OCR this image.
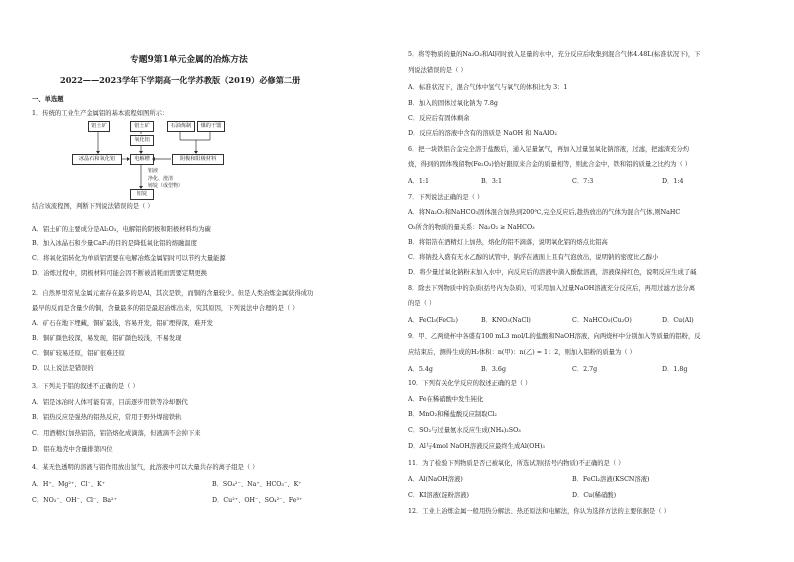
专题9第1单元金属的冶炼方法
2022——2023学年下学期高一化学苏教版（2019）必修第二册
一、单选题
1．传统的工业生产金属铝的基本流程如图所示：
铝土矿	铝土矿
氧化铝
石油炼制	煤的干馏
冰晶石和氧化铝	电解槽	阴极和阳极材料
铝液
净化、澄清
铸锭（成型物）
铝锭
结合该流程图，判断下列说法错误的是（ ）
A．铝土矿的主要成分是Al₂O₃，电解铝的阴极和阳极材料均为碳
B．加入冰晶石和少量CaF₂的目的是降低氧化铝的熔融温度
C．将氧化铝转化为单质铝需要在电解冶炼金属铝时可以节约大量能源
D．冶炼过程中，阴极材料可能会因不断被消耗而需要定期更换
2．自然界里常见金属元素存在最多的是Al，其次是铁，而铜的含量较少。但是人类冶炼金属获得成功
最早的反而是含量少的铜，含量最多的铝是最迟冶炼出来，究其原因，下列说法中合理的是（ ）
A．矿石在地下埋藏，铜矿最浅，容易开发，铝矿埋得深，难开发
B．铜矿颜色较深，易发现，铝矿颜色较浅，不易发现
C．铜矿较易还原，铝矿很难还原
D．以上说法是错误的
3．下列关于铝的叙述不正确的是（ ）
A．铝是冰冶时人体可能有害，目前逐步用铁等冷却器代
B．铝热反应是强热的铝热反应，常用于野外焊接铁轨
C．用酒精灯加热铝箔，铝箔熔化成滴落，但液滴不会掉下来
D．铝在地壳中含量排第四位
4．某无色透明的溶液与铝作用放出氢气，此溶液中可以大量共存的离子组是（ ）
A．H⁺、Mg²⁺、Cl⁻、K⁺	B．SO₄²⁻、Na⁺、HCO₃⁻、K⁺
C．NO₃⁻、OH⁻、Cl⁻、Ba²⁺	D．Cu²⁺、OH⁻、SO₄²⁻、Fe³⁺
5．将等物质的量的Na₂O₂和Al同时放入足量的水中，充分反应后收集到混合气体4.48L(标准状况下)，下
列说法错误的是（ ）
A．标准状况下，混合气体中氢气与氧气的体积比为 3：1
B．加入的固体过氧化钠为 7.8g
C．反应后有固体剩余
D．反应后的溶液中含有的溶质是 NaOH 和 NaAlO₂
6．把一块铁铝合金完全溶于盐酸后，通入足量氯气，再加入过量氢氧化钠溶液，过滤，把滤渣充分灼
烧，得到的固体残留物(Fe₂O₃)恰好跟原来合金的质量相等，则此合金中，铁和铝的质量之比约为（ ）
A．1:1	B．3:1	C．7:3	D．1:4
7．下列说法正确的是（ ）
A．将Na₂O₂和NaHCO₃固体混合加热到200℃,完全反应后,趁热放出的气体为混合气体,则NaHC
O₃所含的物质的量关系：Na₂O₂ ≥ NaHCO₃
B．将铝箔在酒精灯上加热，熔化的铝不滴落，说明氧化铝的熔点比铝高
C．将钠投入盛有无水乙醇的试管中，钠浮在液面上且有气泡放出，说明钠的密度比乙醇小
D．将少量过氧化钠粉末加入水中，向反应后的溶液中滴入酚酞溶液，溶液保持红色，说明反应生成了碱
8．除去下列物质中的杂质(括号内为杂质)，可采用加入过量NaOH溶液充分反应后，再用过滤方法分离
的是（ ）
A．FeCl₃(FeCl₂)	B．KNO₃(NaCl)	C．NaHCO₃(Cu₂O)	D．Cu(Al)
9．甲、乙两烧杯中各盛有100 mL3 mol/L的盐酸和NaOH溶液，向两烧杯中分别加入等质量的铝粉，反
应结束后，测得生成的H₂体积：n(甲)：n(乙) = 1：2，则加入铝粉的质量为（ ）
A．5.4g	B．3.6g	C．2.7g	D．1.8g
10．下列有关化学反应的叙述正确的是（ ）
A．Fe在稀硝酸中发生钝化
B．MnO₂和稀盐酸反应制取Cl₂
C．SO₂与过量氨水反应生成(NH₄)₂SO₃
D．Al与4mol NaOH溶液反应最终生成Al(OH)₃
11．为了检验下列物质是否已被氧化，所选试剂(括号内物质)不正确的是（ ）
A．Al(NaOH溶液)	B．FeCl₂溶液(KSCN溶液)
C．KI溶液(淀粉溶液)	D．Cu(稀硝酸)
12．工业上冶炼金属一般用热分解法、热还原法和电解法，你认为选择方法的主要依据是（ ）
